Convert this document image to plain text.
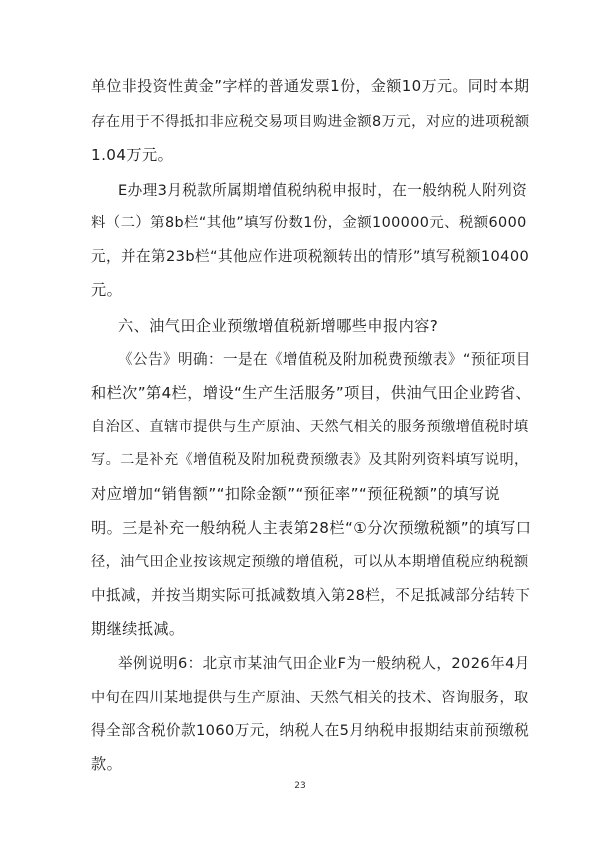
单位非投资性黄金”字样的普通发票1份，金额10万元。同时本期
存在用于不得抵扣非应税交易项目购进金额8万元，对应的进项税额
1.04万元。
E办理3月税款所属期增值税纳税申报时，在一般纳税人附列资
料（二）第8b栏“其他”填写份数1份，金额100000元、税额6000
元，并在第23b栏“其他应作进项税额转出的情形”填写税额10400
元。
六、油气田企业预缴增值税新增哪些申报内容?
《公告》明确：一是在《增值税及附加税费预缴表》“预征项目
和栏次”第4栏，增设“生产生活服务”项目，供油气田企业跨省、
自治区、直辖市提供与生产原油、天然气相关的服务预缴增值税时填
写。二是补充《增值税及附加税费预缴表》及其附列资料填写说明，
对应增加“销售额”“扣除金额”“预征率”“预征税额”的填写说
明。三是补充一般纳税人主表第28栏“①分次预缴税额”的填写口
径，油气田企业按该规定预缴的增值税，可以从本期增值税应纳税额
中抵减，并按当期实际可抵减数填入第28栏，不足抵减部分结转下
期继续抵减。
举例说明6：北京市某油气田企业F为一般纳税人，2026年4月
中旬在四川某地提供与生产原油、天然气相关的技术、咨询服务，取
得全部含税价款1060万元，纳税人在5月纳税申报期结束前预缴税
款。
23
